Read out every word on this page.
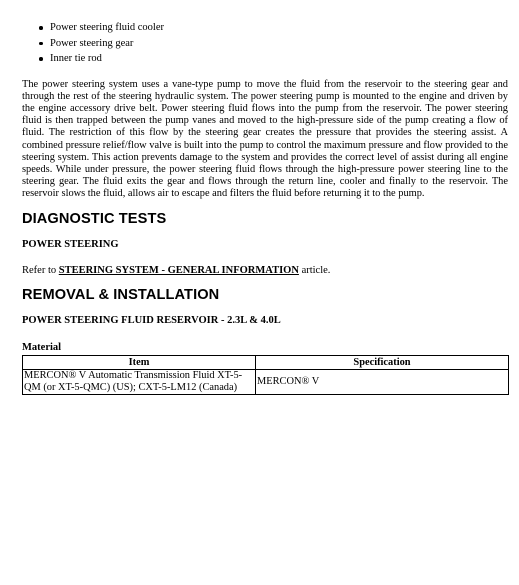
Power steering fluid cooler
Power steering gear
Inner tie rod

The power steering system uses a vane-type pump to move the fluid from the reservoir to the steering gear and through the rest of the steering hydraulic system. The power steering pump is mounted to the engine and driven by the engine accessory drive belt. Power steering fluid flows into the pump from the reservoir. The power steering fluid is then trapped between the pump vanes and moved to the high-pressure side of the pump creating a flow of fluid. The restriction of this flow by the steering gear creates the pressure that provides the steering assist. A combined pressure relief/flow valve is built into the pump to control the maximum pressure and flow provided to the steering system. This action prevents damage to the system and provides the correct level of assist during all engine speeds. While under pressure, the power steering fluid flows through the high-pressure power steering line to the steering gear. The fluid exits the gear and flows through the return line, cooler and finally to the reservoir. The reservoir slows the fluid, allows air to escape and filters the fluid before returning it to the pump.

DIAGNOSTIC TESTS
POWER STEERING

Refer to STEERING SYSTEM - GENERAL INFORMATION article.

REMOVAL & INSTALLATION
POWER STEERING FLUID RESERVOIR - 2.3L & 4.0L
Material
Item	Specification
MERCON® V Automatic Transmission Fluid XT-5-QM (or XT-5-QMC) (US); CXT-5-LM12 (Canada)	MERCON® V
